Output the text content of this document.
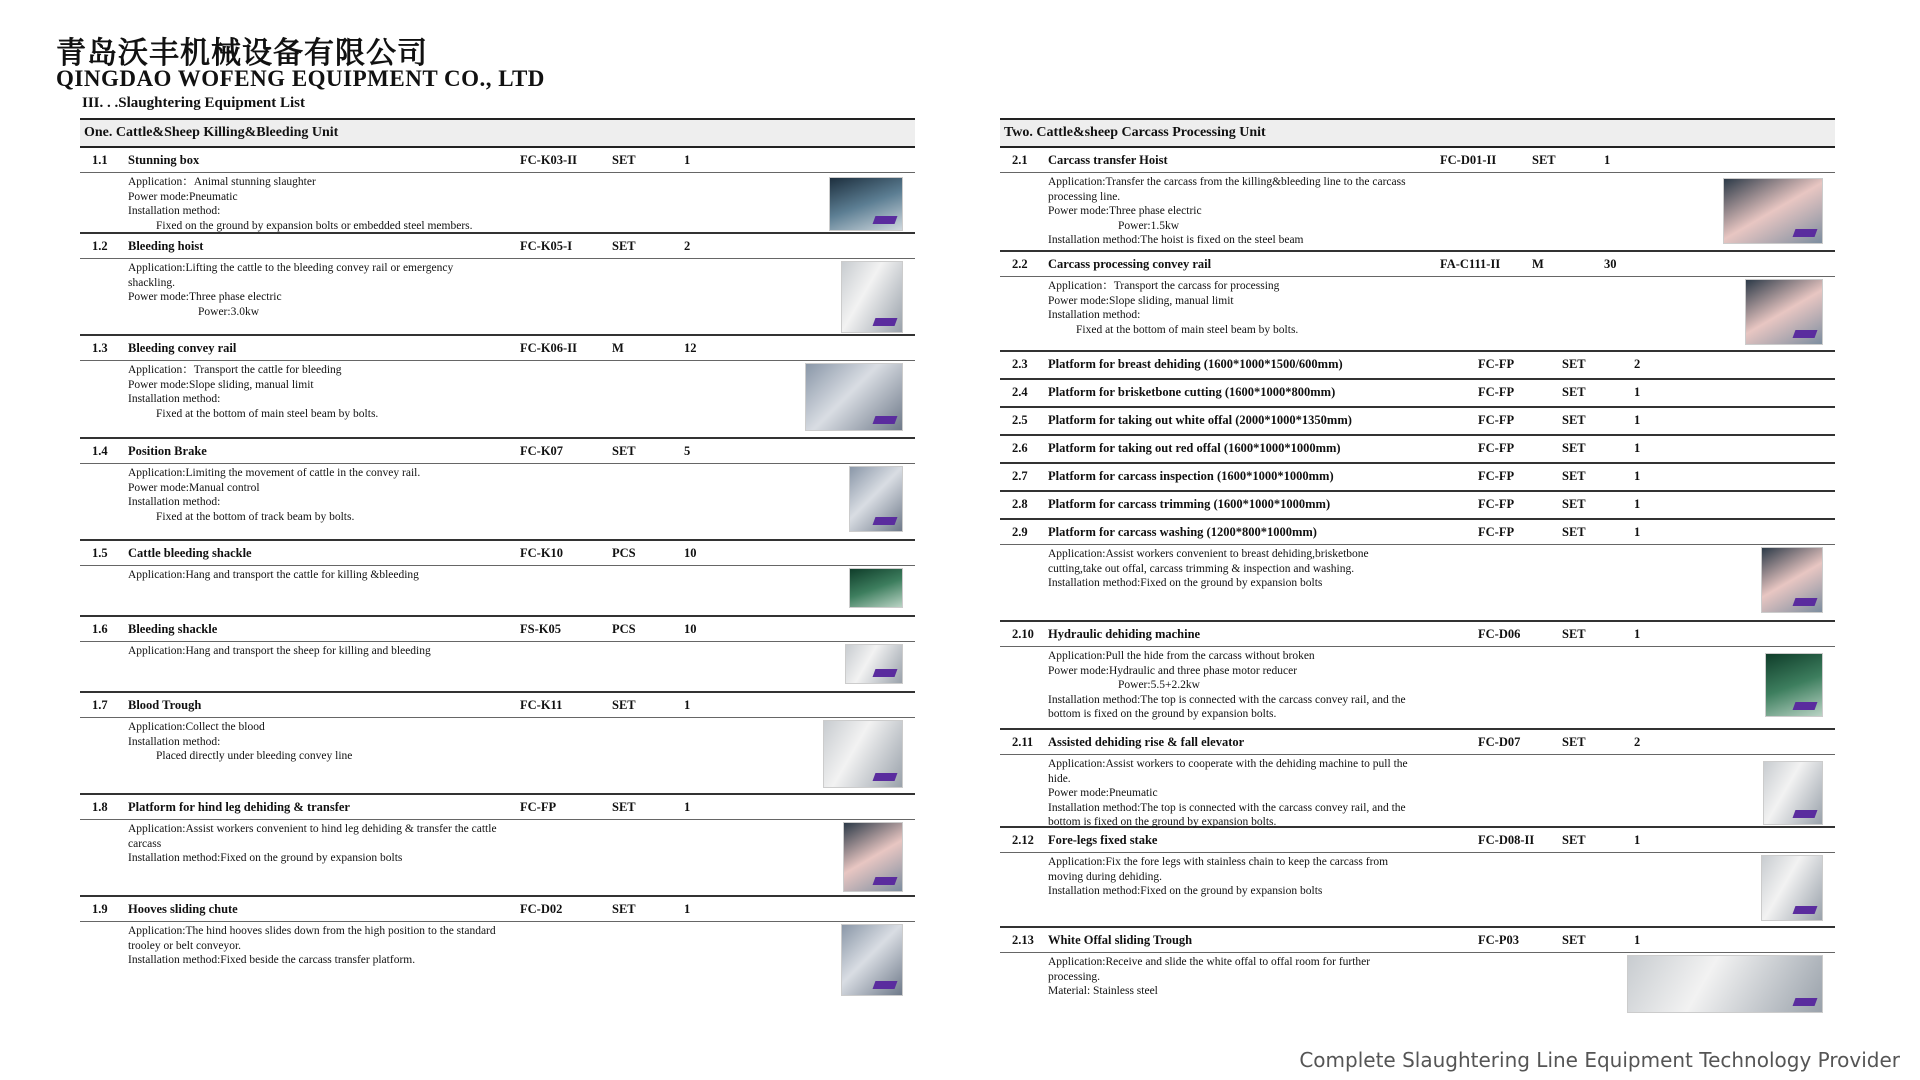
青岛沃丰机械设备有限公司
QINGDAO WOFENG EQUIPMENT CO., LTD
III. . .Slaughtering Equipment List
One. Cattle&Sheep Killing&Bleeding Unit
1.1	Stunning box	FC-K03-II	SET	1
Application：Animal stunning slaughter
Power mode:Pneumatic
Installation method:
Fixed on the ground by expansion bolts or embedded steel members.
1.2	Bleeding hoist	FC-K05-I	SET	2
Application:Lifting the cattle to the bleeding convey rail or emergency
shackling.
Power mode:Three phase electric
Power:3.0kw
1.3	Bleeding convey rail	FC-K06-II	M	12
Application：Transport the cattle for bleeding
Power mode:Slope sliding, manual limit
Installation method:
Fixed at the bottom of main steel beam by bolts.
1.4	Position Brake	FC-K07	SET	5
Application:Limiting the movement of cattle in the convey rail.
Power mode:Manual control
Installation method:
Fixed at the bottom of track beam by bolts.
1.5	Cattle bleeding shackle	FC-K10	PCS	10
Application:Hang and transport the cattle for killing &bleeding
1.6	Bleeding shackle	FS-K05	PCS	10
Application:Hang and transport the sheep for killing and bleeding
1.7	Blood Trough	FC-K11	SET	1
Application:Collect the blood
Installation method:
Placed directly under bleeding convey line
1.8	Platform for hind leg dehiding & transfer	FC-FP	SET	1
Application:Assist workers convenient to hind leg dehiding & transfer the cattle
carcass
Installation method:Fixed on the ground by expansion bolts
1.9	Hooves sliding chute	FC-D02	SET	1
Application:The hind hooves slides down from the high position to the standard
trooley or belt conveyor.
Installation method:Fixed beside the carcass transfer platform.
Two. Cattle&sheep Carcass Processing Unit
2.1	Carcass transfer Hoist	FC-D01-II	SET	1
Application:Transfer the carcass from the killing&bleeding line to the carcass
processing line.
Power mode:Three phase electric
Power:1.5kw
Installation method:The hoist is fixed on the steel beam
2.2	Carcass processing convey rail	FA-C111-II	M	30
Application：Transport the carcass for processing
Power mode:Slope sliding, manual limit
Installation method:
Fixed at the bottom of main steel beam by bolts.
2.3	Platform for breast dehiding (1600*1000*1500/600mm)	FC-FP	SET	2
2.4	Platform for brisketbone cutting (1600*1000*800mm)	FC-FP	SET	1
2.5	Platform for taking out white offal (2000*1000*1350mm)	FC-FP	SET	1
2.6	Platform for taking out red offal (1600*1000*1000mm)	FC-FP	SET	1
2.7	Platform for carcass inspection (1600*1000*1000mm)	FC-FP	SET	1
2.8	Platform for carcass trimming (1600*1000*1000mm)	FC-FP	SET	1
2.9	Platform for carcass washing (1200*800*1000mm)	FC-FP	SET	1
Application:Assist workers convenient to breast dehiding,brisketbone
cutting,take out offal, carcass trimming & inspection and washing.
Installation method:Fixed on the ground by expansion bolts
2.10	Hydraulic dehiding machine	FC-D06	SET	1
Application:Pull the hide from the carcass without broken
Power mode:Hydraulic and three phase motor reducer
Power:5.5+2.2kw
Installation method:The top is connected with the carcass convey rail, and the
bottom is fixed on the ground by expansion bolts.
2.11	Assisted dehiding rise & fall elevator	FC-D07	SET	2
Application:Assist workers to cooperate with the dehiding machine to pull the
hide.
Power mode:Pneumatic
Installation method:The top is connected with the carcass convey rail, and the
bottom is fixed on the ground by expansion bolts.
2.12	Fore-legs fixed stake	FC-D08-II	SET	1
Application:Fix the fore legs with stainless chain to keep the carcass from
moving during dehiding.
Installation method:Fixed on the ground by expansion bolts
2.13	White Offal sliding Trough	FC-P03	SET	1
Application:Receive and slide the white offal to offal room for further
processing.
Material: Stainless steel
Complete Slaughtering Line Equipment Technology Provider
